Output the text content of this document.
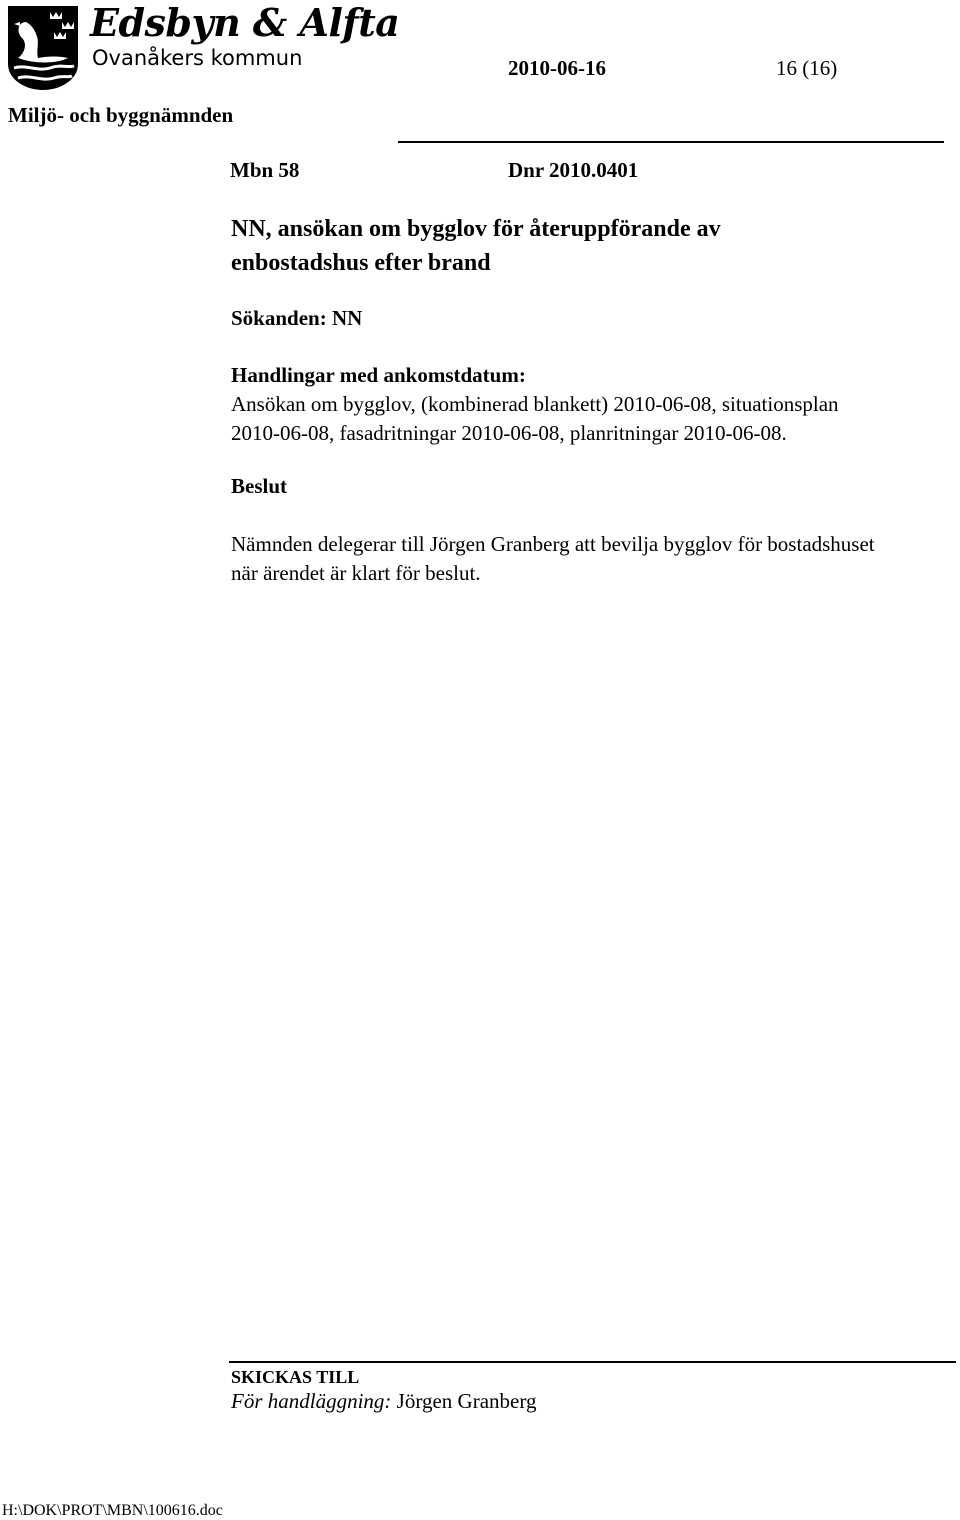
Edsbyn & Alfta
Ovanåkers kommun	2010-06-16	16 (16)
Miljö- och byggnämnden
Mbn 58	Dnr 2010.0401
NN, ansökan om bygglov för återuppförande av
enbostadshus efter brand
Sökanden: NN
Handlingar med ankomstdatum:
Ansökan om bygglov, (kombinerad blankett) 2010-06-08, situationsplan
2010-06-08, fasadritningar 2010-06-08, planritningar 2010-06-08.
Beslut
Nämnden delegerar till Jörgen Granberg att bevilja bygglov för bostadshuset
när ärendet är klart för beslut.
SKICKAS TILL
För handläggning: Jörgen Granberg
H:\DOK\PROT\MBN\100616.doc
